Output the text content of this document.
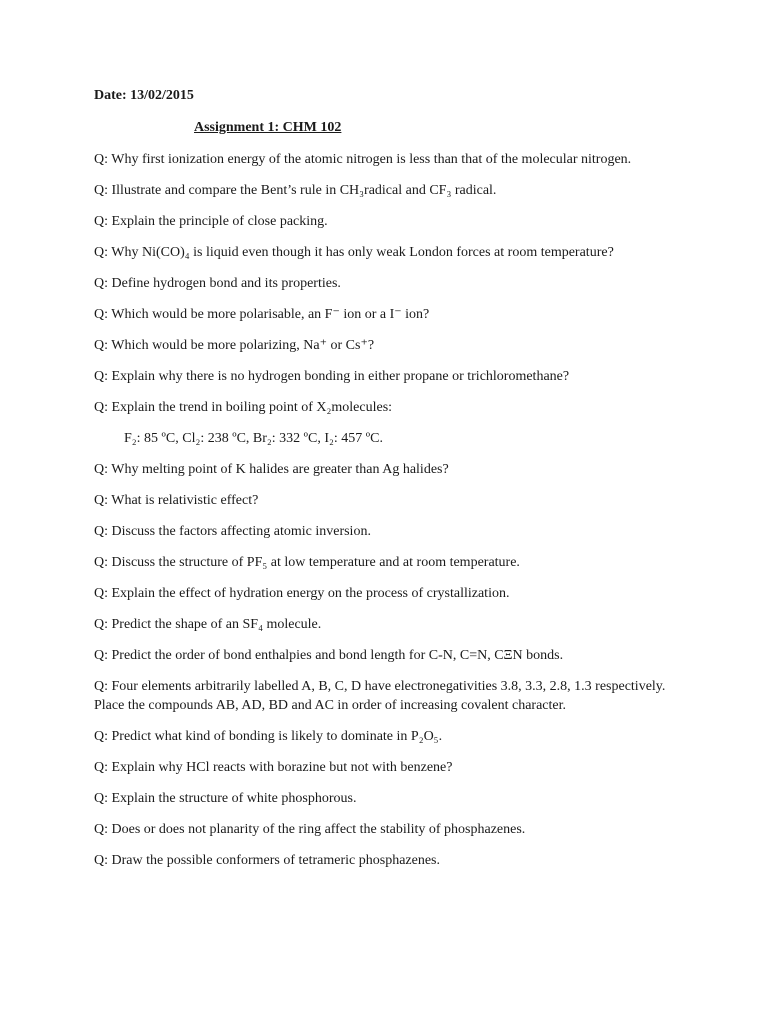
Date: 13/02/2015
Assignment 1: CHM 102

Q: Why first ionization energy of the atomic nitrogen is less than that of the molecular nitrogen.

Q: Illustrate and compare the Bent’s rule in CH₃radical and CF₃ radical.

Q: Explain the principle of close packing.

Q: Why Ni(CO)₄ is liquid even though it has only weak London forces at room temperature?

Q: Define hydrogen bond and its properties.

Q: Which would be more polarisable, an F⁻ ion or a I⁻ ion?

Q: Which would be more polarizing, Na⁺ or Cs⁺?

Q: Explain why there is no hydrogen bonding in either propane or trichloromethane?

Q: Explain the trend in boiling point of X₂molecules:

F₂: 85 ºC, Cl₂: 238 ºC, Br₂: 332 ºC, I₂: 457 ºC.

Q: Why melting point of K halides are greater than Ag halides?

Q: What is relativistic effect?

Q: Discuss the factors affecting atomic inversion.

Q: Discuss the structure of PF₅ at low temperature and at room temperature.

Q: Explain the effect of hydration energy on the process of crystallization.

Q: Predict the shape of an SF₄ molecule.

Q: Predict the order of bond enthalpies and bond length for C-N, C=N, CΞN bonds.

Q: Four elements arbitrarily labelled A, B, C, D have electronegativities 3.8, 3.3, 2.8, 1.3 respectively. Place the compounds AB, AD, BD and AC in order of increasing covalent character.

Q: Predict what kind of bonding is likely to dominate in P₂O₅.

Q: Explain why HCl reacts with borazine but not with benzene?

Q: Explain the structure of white phosphorous.

Q: Does or does not planarity of the ring affect the stability of phosphazenes.

Q: Draw the possible conformers of tetrameric phosphazenes.
